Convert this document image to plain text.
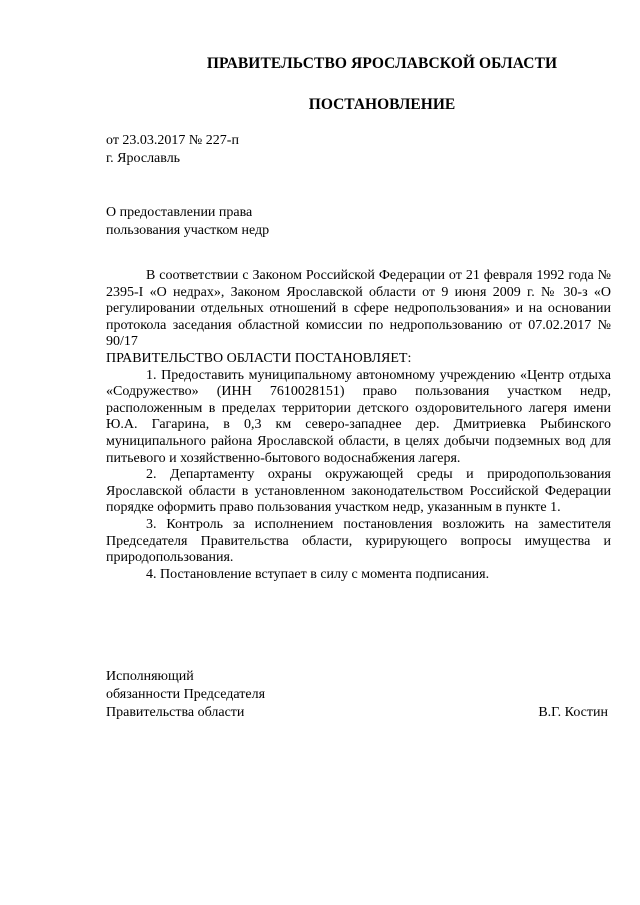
ПРАВИТЕЛЬСТВО ЯРОСЛАВСКОЙ ОБЛАСТИ
ПОСТАНОВЛЕНИЕ
от 23.03.2017 № 227-п
г. Ярославль
О предоставлении права
пользования участком недр

В соответствии с Законом Российской Федерации от 21 февраля 1992 года № 2395-I «О недрах», Законом Ярославской области от 9 июня 2009 г. № 30-з «О регулировании отдельных отношений в сфере недропользования» и на основании протокола заседания областной комиссии по недропользованию от 07.02.2017 № 90/17

ПРАВИТЕЛЬСТВО ОБЛАСТИ ПОСТАНОВЛЯЕТ:

1. Предоставить муниципальному автономному учреждению «Центр отдыха «Содружество» (ИНН 7610028151) право пользования участком недр, расположенным в пределах территории детского оздоровительного лагеря имени Ю.А. Гагарина, в 0,3 км северо-западнее дер. Дмитриевка Рыбинского муниципального района Ярославской области, в целях добычи подземных вод для питьевого и хозяйственно-бытового водоснабжения лагеря.

2. Департаменту охраны окружающей среды и природопользования Ярославской области в установленном законодательством Российской Федерации порядке оформить право пользования участком недр, указанным в пункте 1.

3. Контроль за исполнением постановления возложить на заместителя Председателя Правительства области, курирующего вопросы имущества и природопользования.

4. Постановление вступает в силу с момента подписания.

Исполняющий
обязанности Председателя
Правительства области	В.Г. Костин
